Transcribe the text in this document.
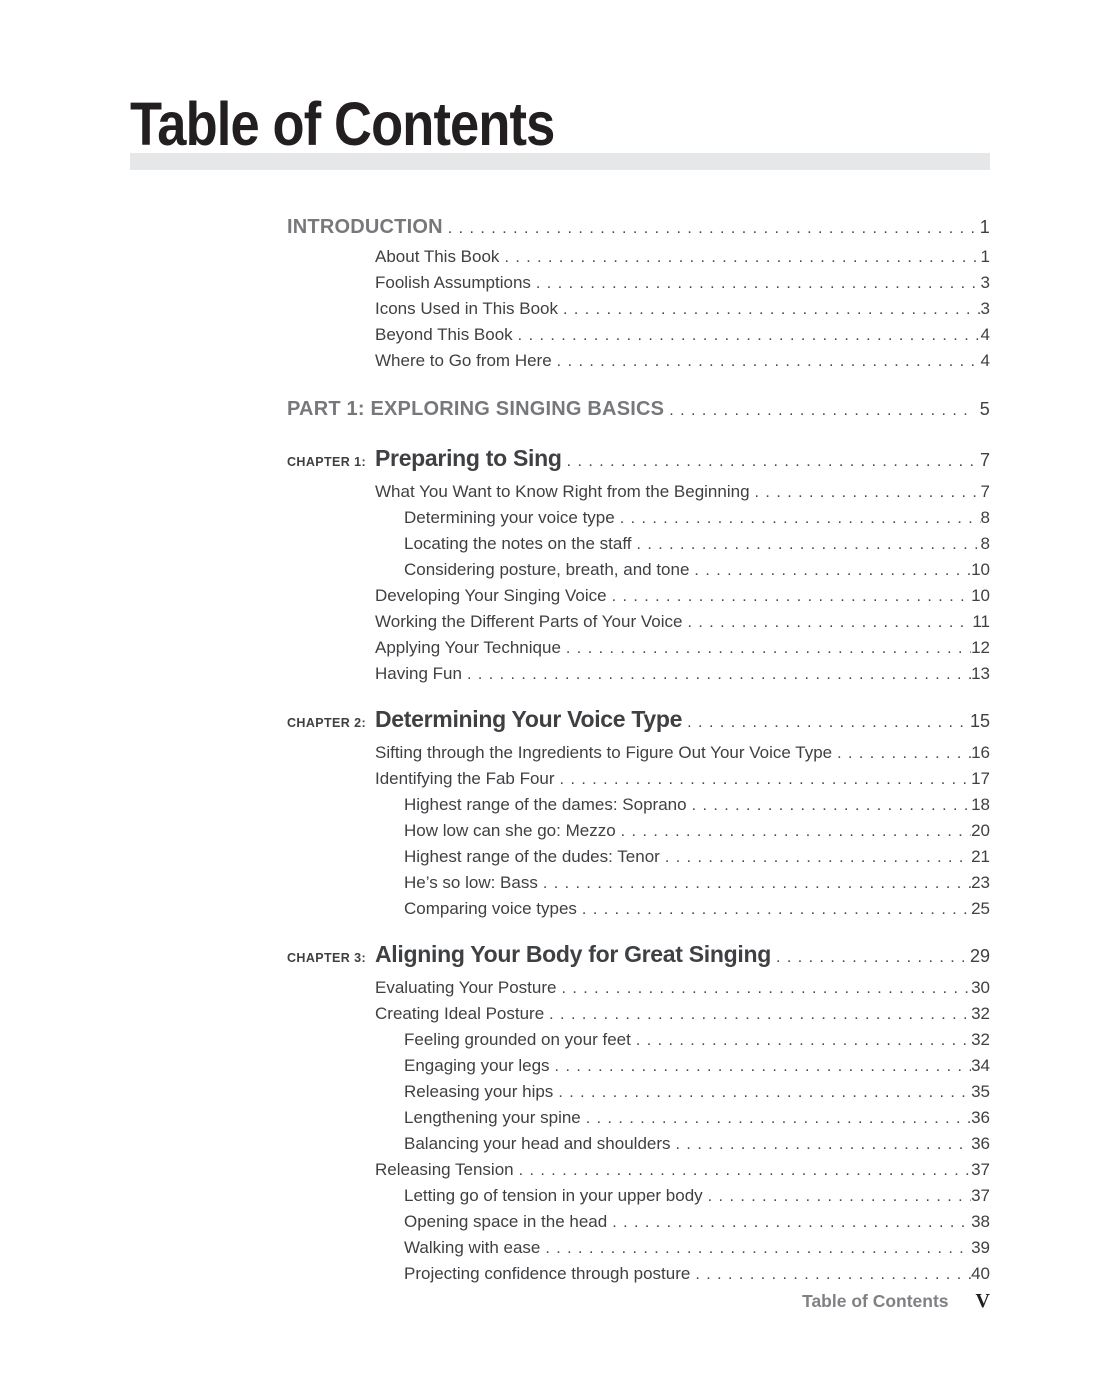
Table of Contents
INTRODUCTION . . .	1
About This Book . . .	1
Foolish Assumptions . . .	3
Icons Used in This Book . . .	3
Beyond This Book . . .	4
Where to Go from Here . . .	4
PART 1: EXPLORING SINGING BASICS . . .	5
CHAPTER 1: Preparing to Sing . . .	7
What You Want to Know Right from the Beginning . . .	7
Determining your voice type . . .	8
Locating the notes on the staff . . .	8
Considering posture, breath, and tone . . .	10
Developing Your Singing Voice . . .	10
Working the Different Parts of Your Voice . . .	11
Applying Your Technique . . .	12
Having Fun . . .	13
CHAPTER 2: Determining Your Voice Type . . .	15
Sifting through the Ingredients to Figure Out Your Voice Type . . .	16
Identifying the Fab Four . . .	17
Highest range of the dames: Soprano . . .	18
How low can she go: Mezzo . . .	20
Highest range of the dudes: Tenor . . .	21
He’s so low: Bass . . .	23
Comparing voice types . . .	25
CHAPTER 3: Aligning Your Body for Great Singing . . .	29
Evaluating Your Posture . . .	30
Creating Ideal Posture . . .	32
Feeling grounded on your feet . . .	32
Engaging your legs . . .	34
Releasing your hips . . .	35
Lengthening your spine . . .	36
Balancing your head and shoulders . . .	36
Releasing Tension . . .	37
Letting go of tension in your upper body . . .	37
Opening space in the head . . .	38
Walking with ease . . .	39
Projecting confidence through posture . . .	40
Table of Contents V
